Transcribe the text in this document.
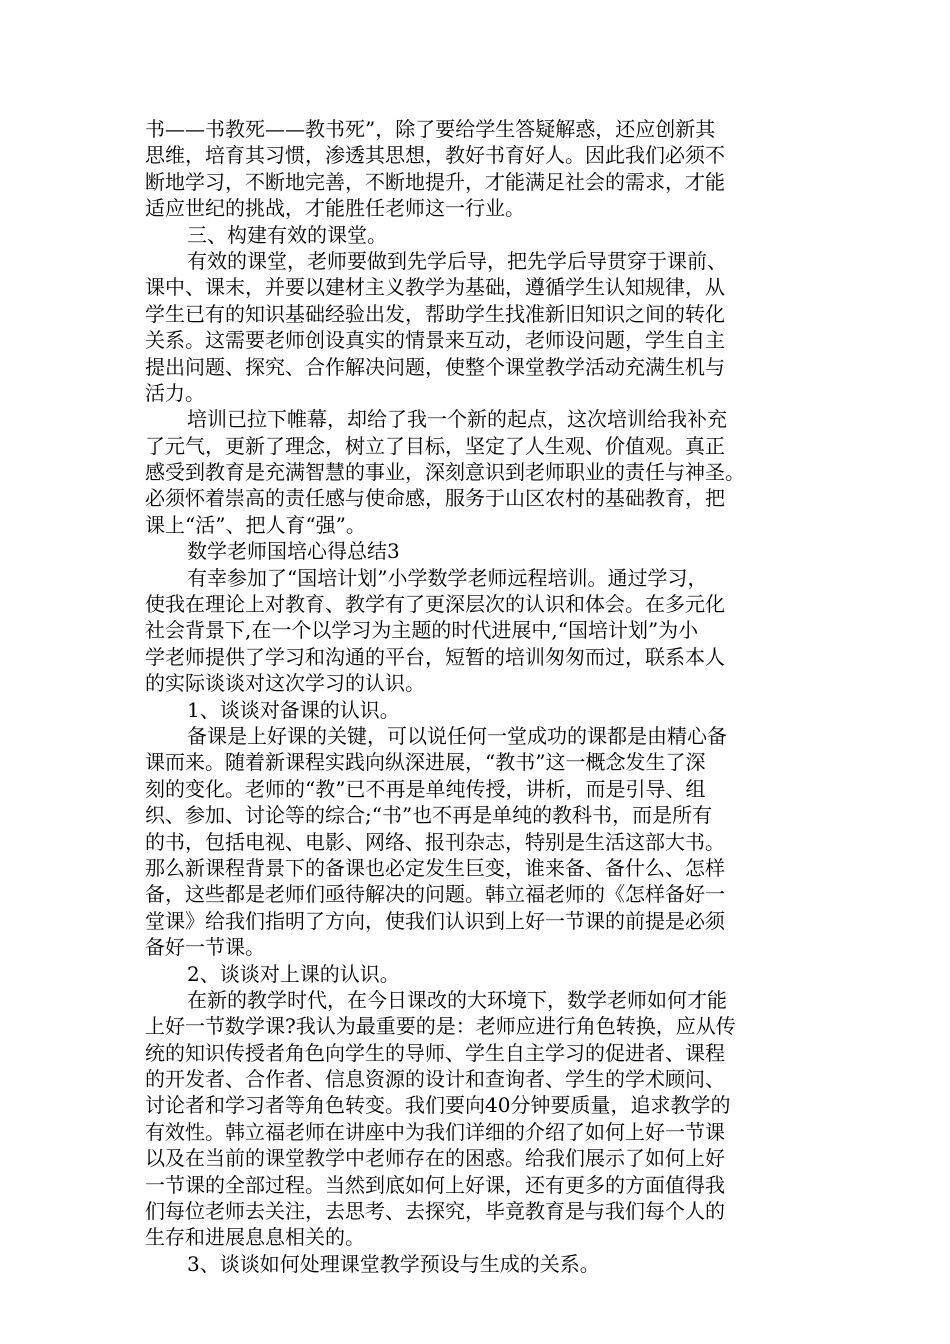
书——书教死——教书死”，除了要给学生答疑解惑，还应创新其
思维，培育其习惯，渗透其思想，教好书育好人。因此我们必须不
断地学习，不断地完善，不断地提升，才能满足社会的需求，才能
适应世纪的挑战，才能胜任老师这一行业。
三、构建有效的课堂。
有效的课堂，老师要做到先学后导，把先学后导贯穿于课前、
课中、课末，并要以建材主义教学为基础，遵循学生认知规律，从
学生已有的知识基础经验出发，帮助学生找准新旧知识之间的转化
关系。这需要老师创设真实的情景来互动，老师设问题，学生自主
提出问题、探究、合作解决问题，使整个课堂教学活动充满生机与
活力。
培训已拉下帷幕，却给了我一个新的起点，这次培训给我补充
了元气，更新了理念，树立了目标，坚定了人生观、价值观。真正
感受到教育是充满智慧的事业，深刻意识到老师职业的责任与神圣。
必须怀着崇高的责任感与使命感，服务于山区农村的基础教育，把
课上“活”、把人育“强”。
数学老师国培心得总结3
有幸参加了“国培计划”小学数学老师远程培训。通过学习，
使我在理论上对教育、教学有了更深层次的认识和体会。在多元化
社会背景下,在一个以学习为主题的时代进展中,“国培计划”为小
学老师提供了学习和沟通的平台，短暂的培训匆匆而过，联系本人
的实际谈谈对这次学习的认识。
1、谈谈对备课的认识。
备课是上好课的关键，可以说任何一堂成功的课都是由精心备
课而来。随着新课程实践向纵深进展，“教书”这一概念发生了深
刻的变化。老师的“教”已不再是单纯传授，讲析，而是引导、组
织、参加、讨论等的综合;“书”也不再是单纯的教科书，而是所有
的书，包括电视、电影、网络、报刊杂志，特别是生活这部大书。
那么新课程背景下的备课也必定发生巨变，谁来备、备什么、怎样
备，这些都是老师们亟待解决的问题。韩立福老师的《怎样备好一
堂课》给我们指明了方向，使我们认识到上好一节课的前提是必须
备好一节课。
2、谈谈对上课的认识。
在新的教学时代，在今日课改的大环境下，数学老师如何才能
上好一节数学课?我认为最重要的是：老师应进行角色转换，应从传
统的知识传授者角色向学生的导师、学生自主学习的促进者、课程
的开发者、合作者、信息资源的设计和查询者、学生的学术顾问、
讨论者和学习者等角色转变。我们要向40分钟要质量，追求教学的
有效性。韩立福老师在讲座中为我们详细的介绍了如何上好一节课
以及在当前的课堂教学中老师存在的困惑。给我们展示了如何上好
一节课的全部过程。当然到底如何上好课，还有更多的方面值得我
们每位老师去关注，去思考、去探究，毕竟教育是与我们每个人的
生存和进展息息相关的。
3、谈谈如何处理课堂教学预设与生成的关系。
